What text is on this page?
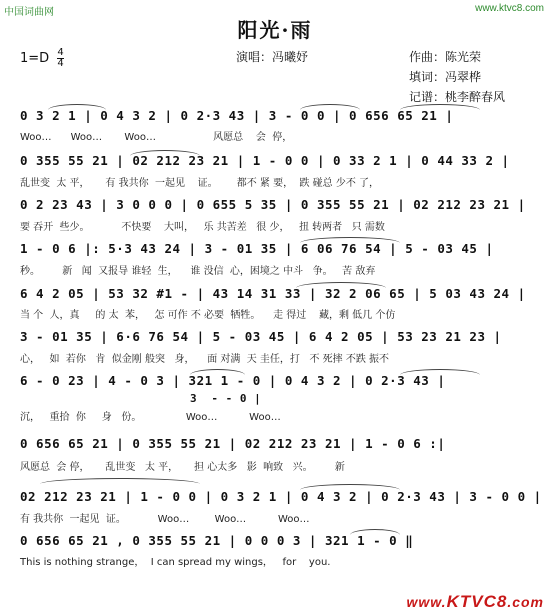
中国词曲网	www.ktvc8.com
阳光·雨
$1=D \frac{4}{4}$	演唱：冯曦妤	作曲：陈光荣
填词：冯翠桦
记谱：桃李醉春风
0 3 2 1 | 0 4 3 2 | 0 2·3 43 | 3 - 0 0 | 0 656 65 21 |
Woo…      Woo…       Woo…                  风愿总    会  停，
0 355 55 21 | 02 212 23 21 | 1 - 0 0 | 0 33 2 1 | 0 44 33 2 |
乱世变  太 平，     有 我共你  一起见    证。      都不 紧 要，  跌 碰总 少不 了，
0 2 23 43 | 3 0 0 0 | 0 655 5 35 | 0 355 55 21 | 02 212 23 21 |
要 吞开  些少。          不快要    大叫，   乐 共苦差   很 少，   扭 转两者   只 需数
1 - 0 6 |: 5·3 43 24 | 3 - 01 35 | 6 06 76 54 | 5 - 03 45 |
秒。       新   闻  又报导 谁轻  生，    谁 没信  心，困境之 中斗   争。   苦 敌弃
6 4 2 05 | 53 32 #1 - | 43 14 31 33 | 32 2 06 65 | 5 03 43 24 |
当 个  人，真     的 太  苯，   怎 可作 不 必要  牺牲。    走 得过    藏，剩 低几 个仿
3 - 01 35 | 6·6 76 54 | 5 - 03 45 | 6 4 2 05 | 53 23 21 23 |
心，   如  若你   肯  似金刚 般突   身，    面 对满  天 圭任，打   不 死摔 不跌 振不
6 - 0 23 | 4 - 0 3 | 321 1 - 0 | 0 4 3 2 | 0 2·3 43 |
3  - - 0 |
沉，   重拾  你     身   份。              Woo…          Woo…
0 656 65 21 | 0 355 55 21 | 02 212 23 21 | 1 - 0 6 :|
风愿总  会 停，     乱世变   太 平，     担 心太多   影  响致   兴。       新
02 212 23 21 | 1 - 0 0 | 0 3 2 1 | 0 4 3 2 | 0 2·3 43 | 3 - 0 0 |
有 我共你  一起见  证。          Woo…        Woo…          Woo…
0 656 65 21 , 0 355 55 21 | 0 0 0 3 | 321 1 - 0 ‖
This is nothing strange，  I can spread my wings，   for    you.
www.KTVC8.com
